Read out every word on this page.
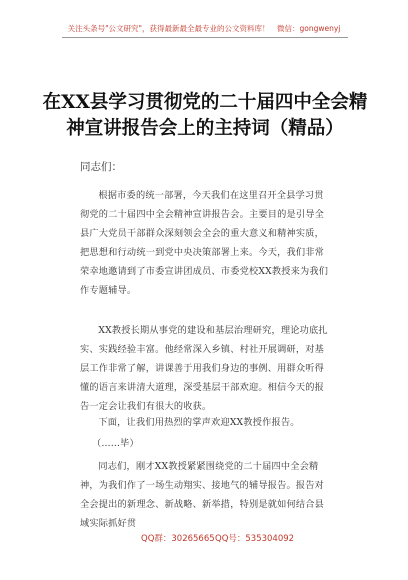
关注头条号"公文研究"，获得最新最全最专业的公文资料库！　微信：gongwenyj
在XX县学习贯彻党的二十届四中全会精
神宣讲报告会上的主持词（精品）
同志们：

根据市委的统一部署，今天我们在这里召开全县学习贯彻党的二十届四中全会精神宣讲报告会。主要目的是引导全县广大党员干部群众深刻领会全会的重大意义和精神实质，把思想和行动统一到党中央决策部署上来。今天，我们非常荣幸地邀请到了市委宣讲团成员、市委党校XX教授来为我们作专题辅导。

XX教授长期从事党的建设和基层治理研究，理论功底扎实、实践经验丰富。他经常深入乡镇、村社开展调研，对基层工作非常了解，讲课善于用我们身边的事例、用群众听得懂的语言来讲清大道理，深受基层干部欢迎。相信今天的报告一定会让我们有很大的收获。

下面，让我们用热烈的掌声欢迎XX教授作报告。

（……毕）

同志们，刚才XX教授紧紧围绕党的二十届四中全会精神，为我们作了一场生动翔实、接地气的辅导报告。报告对全会提出的新理念、新战略、新举措，特别是就如何结合县域实际抓好贯

QQ群：30265665 QQ号：535304092
